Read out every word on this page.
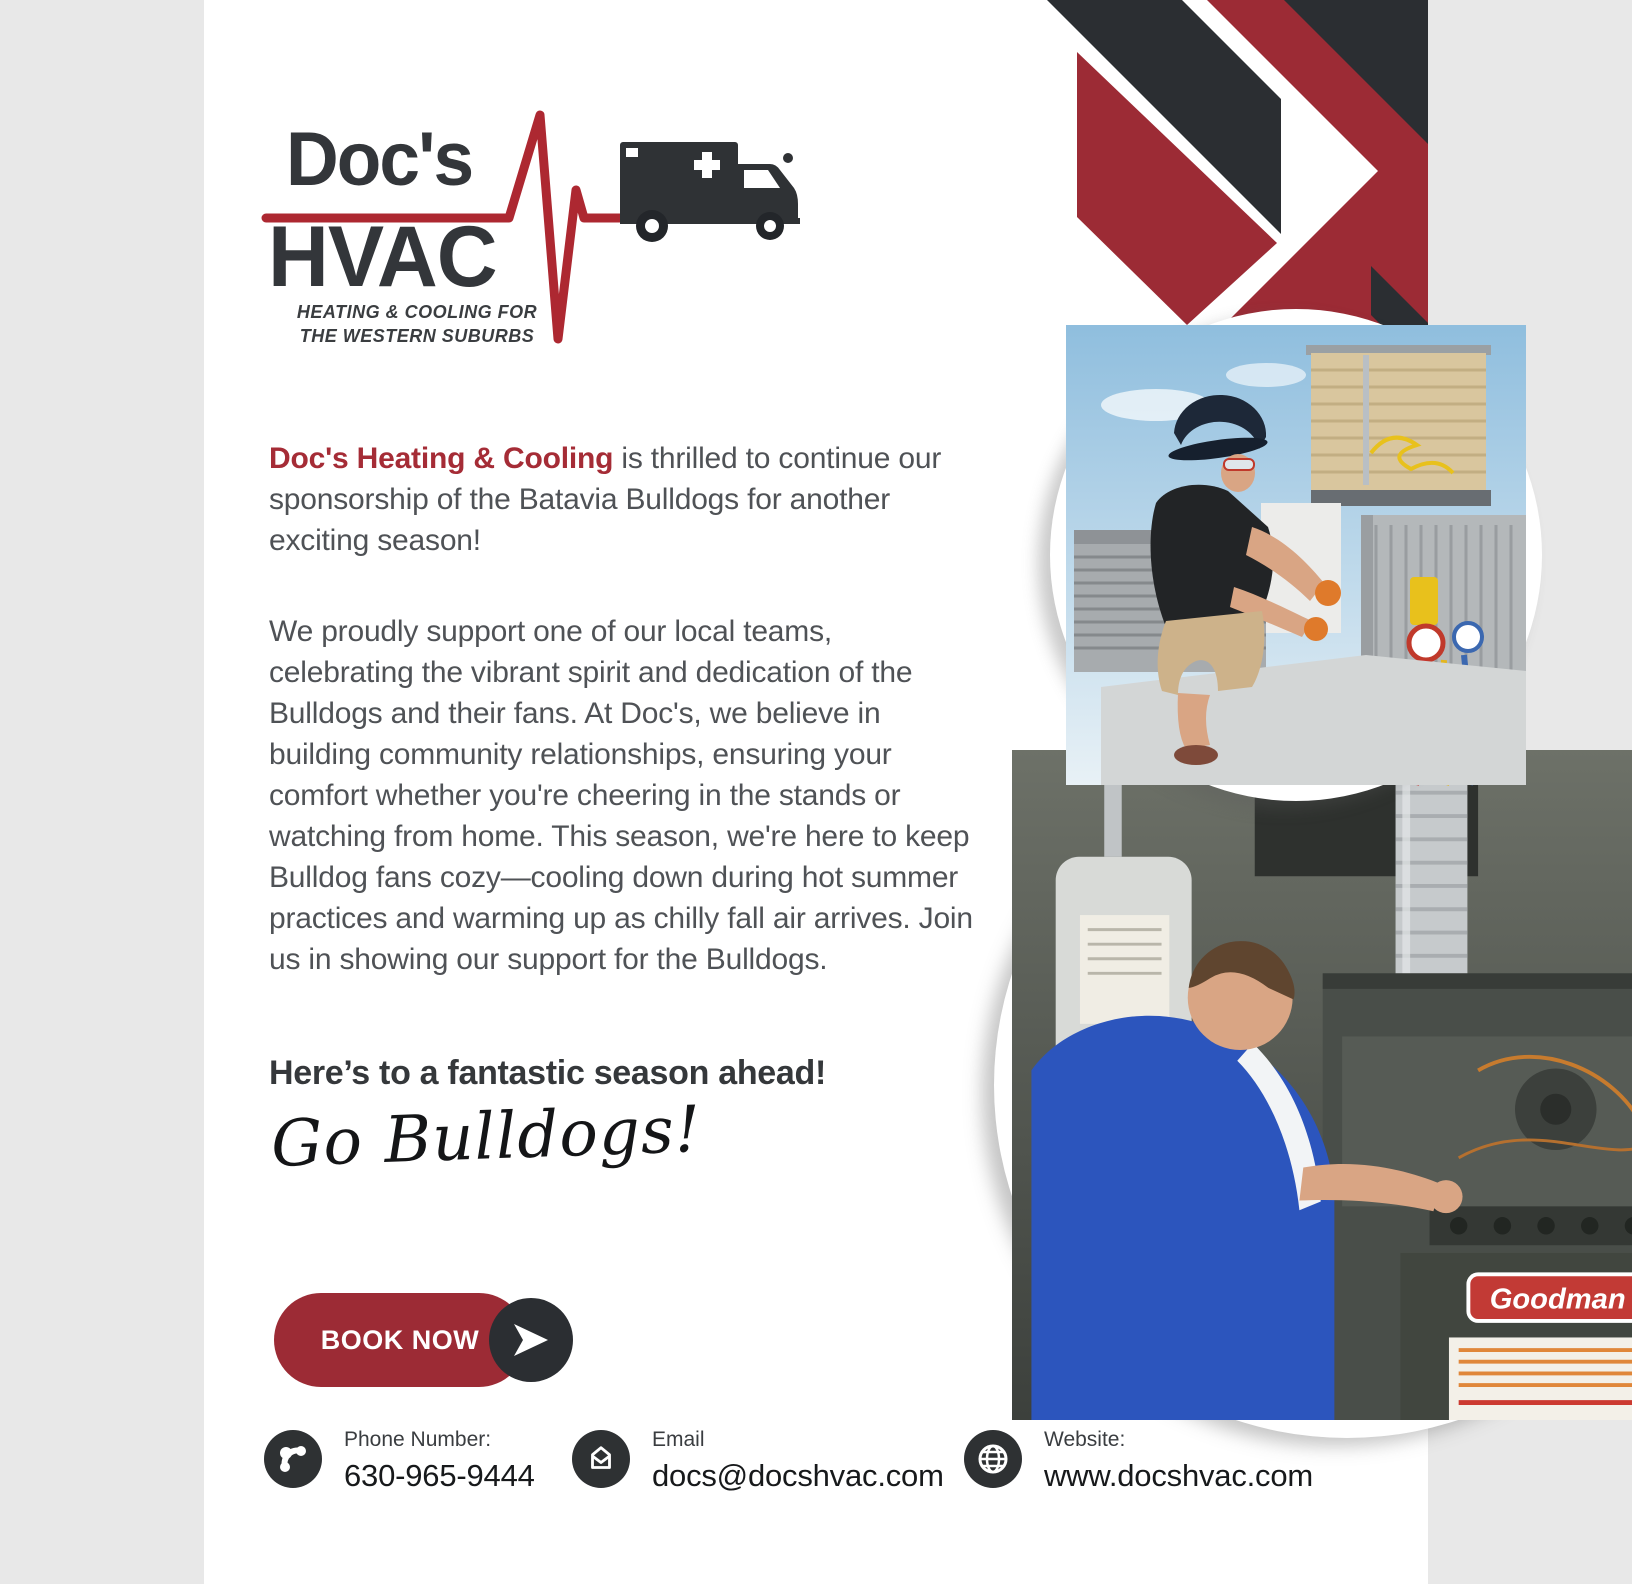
Goodman
Doc's
HVAC
HEATING & COOLING FOR
THE WESTERN SUBURBS

Doc's Heating & Cooling is thrilled to continue our sponsorship of the Batavia Bulldogs for another exciting season!

We proudly support one of our local teams, celebrating the vibrant spirit and dedication of the Bulldogs and their fans. At Doc's, we believe in building community relationships, ensuring your comfort whether you're cheering in the stands or watching from home. This season, we're here to keep Bulldog fans cozy—cooling down during hot summer practices and warming up as chilly fall air arrives. Join us in showing our support for the Bulldogs.

Here’s to a fantastic season ahead!
Go Bulldogs!
BOOK NOW
Phone Number:
630-965-9444
Email
docs@docshvac.com
Website:
www.docshvac.com
